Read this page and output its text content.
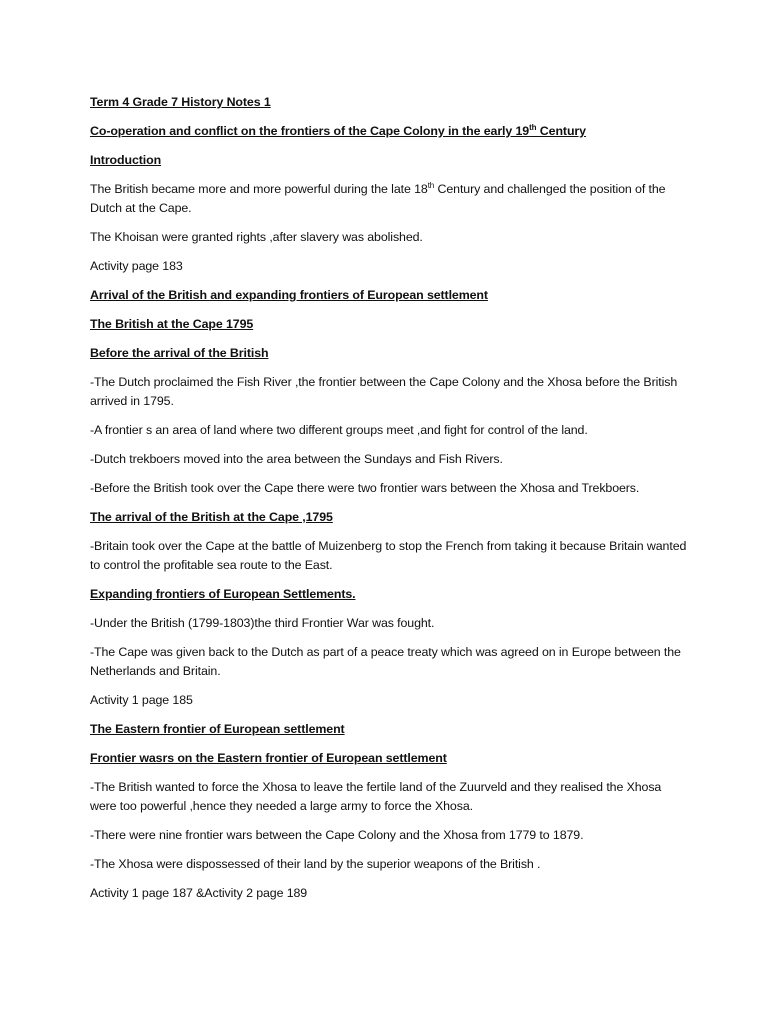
Term 4 Grade 7 History Notes 1

Co-operation and conflict on the frontiers of the Cape Colony in the early 19th Century

Introduction

The British became more and more powerful during the late 18th Century and challenged the position of the Dutch at the Cape.

The Khoisan were granted rights ,after slavery was abolished.

Activity page 183

Arrival of the British and expanding frontiers of European settlement

The British at the Cape 1795

Before the arrival of the British

-The Dutch proclaimed the Fish River ,the frontier between the Cape Colony and the Xhosa before the British arrived in 1795.

-A frontier s an area of land where two different groups meet ,and fight for control of the land.

-Dutch trekboers moved into the area between the Sundays and Fish Rivers.

-Before the British took over the Cape there were two frontier wars between the Xhosa and Trekboers.

The arrival of the British at the Cape ,1795

-Britain took over the Cape at the battle of Muizenberg to stop the French from taking it because Britain wanted to control the profitable sea route to the East.

Expanding frontiers of European Settlements.

-Under the British (1799-1803)the third Frontier War was fought.

-The Cape was given back to the Dutch as part of a peace treaty which was agreed on in Europe between the Netherlands and Britain.

Activity 1 page 185

The Eastern frontier of European settlement

Frontier wasrs on the Eastern frontier of European settlement

-The British wanted to force the Xhosa to leave the fertile land of the Zuurveld and they realised the Xhosa were too powerful ,hence they needed a large army to force the Xhosa.

-There were nine frontier wars between the Cape Colony and the Xhosa from 1779 to 1879.

-The Xhosa were dispossessed of their land by the superior weapons of the British .

Activity 1 page 187 &Activity 2 page 189
